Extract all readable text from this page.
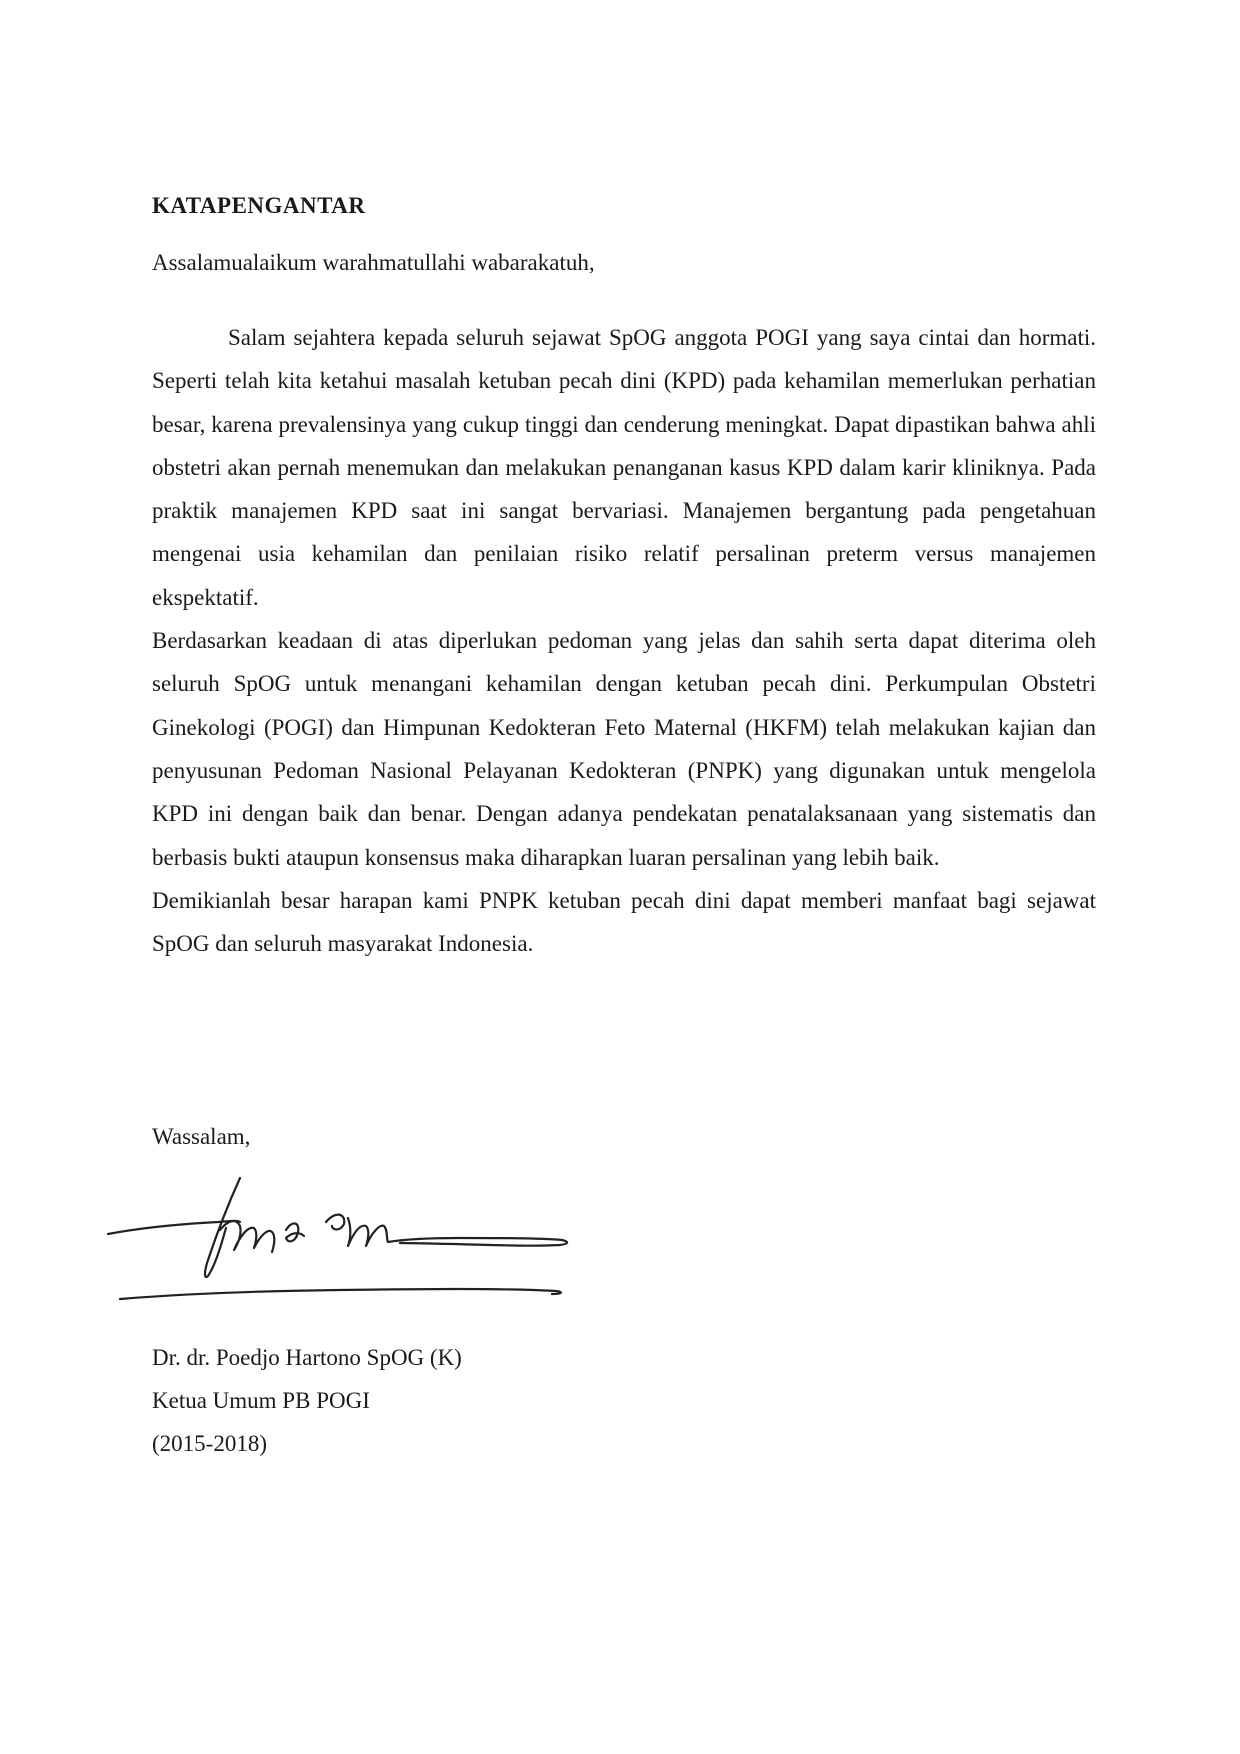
KATAPENGANTAR

Assalamualaikum warahmatullahi wabarakatuh,

Salam sejahtera kepada seluruh sejawat SpOG anggota POGI yang saya cintai dan hormati. Seperti telah kita ketahui masalah ketuban pecah dini (KPD) pada kehamilan memerlukan perhatian besar, karena prevalensinya yang cukup tinggi dan cenderung meningkat. Dapat dipastikan bahwa ahli obstetri akan pernah menemukan dan melakukan penanganan kasus KPD dalam karir kliniknya. Pada praktik manajemen KPD saat ini sangat bervariasi. Manajemen bergantung pada pengetahuan mengenai usia kehamilan dan penilaian risiko relatif persalinan preterm versus manajemen ekspektatif.

Berdasarkan keadaan di atas diperlukan pedoman yang jelas dan sahih serta dapat diterima oleh seluruh SpOG untuk menangani kehamilan dengan ketuban pecah dini. Perkumpulan Obstetri Ginekologi (POGI) dan Himpunan Kedokteran Feto Maternal (HKFM) telah melakukan kajian dan penyusunan Pedoman Nasional Pelayanan Kedokteran (PNPK) yang digunakan untuk mengelola KPD ini dengan baik dan benar. Dengan adanya pendekatan penatalaksanaan yang sistematis dan berbasis bukti ataupun konsensus maka diharapkan luaran persalinan yang lebih baik.

Demikianlah besar harapan kami PNPK ketuban pecah dini dapat memberi manfaat bagi sejawat SpOG dan seluruh masyarakat Indonesia.

Wassalam,

Dr. dr. Poedjo Hartono SpOG (K)
Ketua Umum PB POGI
(2015-2018)
